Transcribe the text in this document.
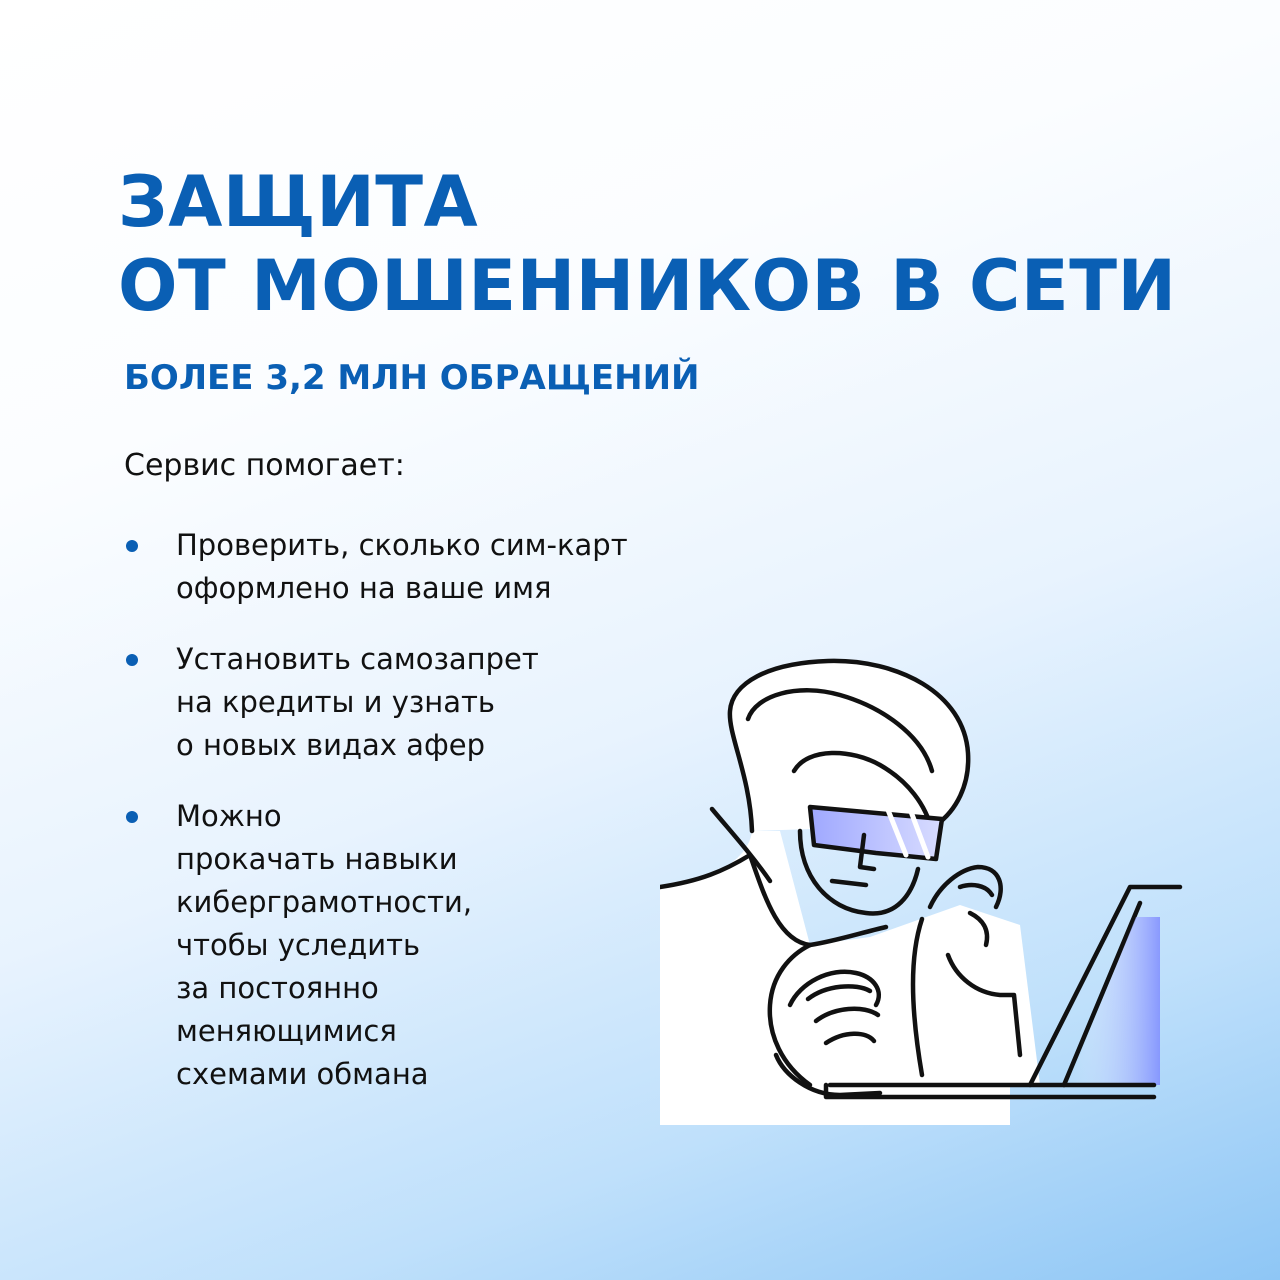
ЗАЩИТА
ОТ МОШЕННИКОВ В СЕТИ

БОЛЕЕ 3,2 МЛН ОБРАЩЕНИЙ

Сервис помогает:

Проверить, сколько сим-карт
оформлено на ваше имя
Установить самозапрет
на кредиты и узнать
о новых видах афер
Можно
прокачать навыки
киберграмотности,
чтобы уследить
за постоянно
меняющимися
схемами обмана
